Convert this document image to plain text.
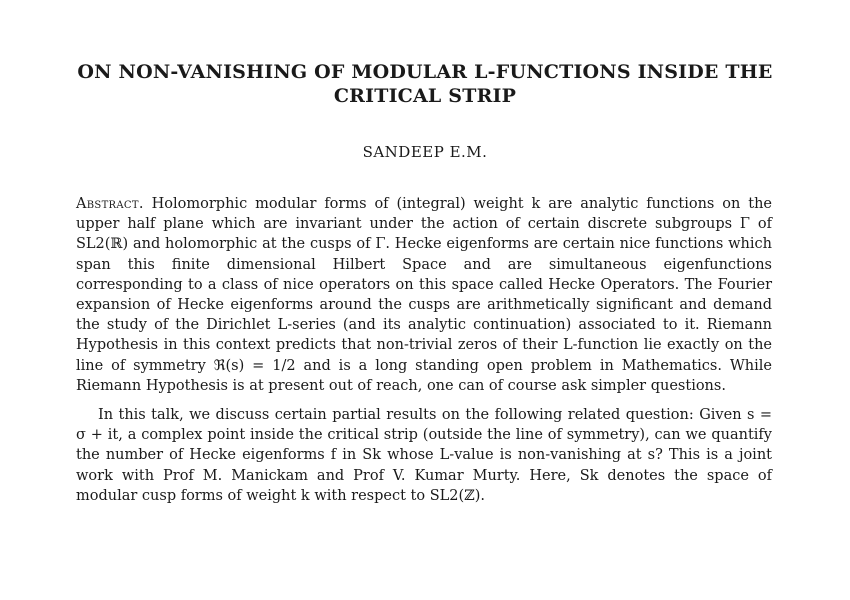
ON NON-VANISHING OF MODULAR L-FUNCTIONS INSIDE THE
CRITICAL STRIP
SANDEEP E.M.

Abstract. Holomorphic modular forms of (integral) weight k are analytic functions on the upper half plane which are invariant under the action of certain discrete subgroups Γ of SL2(ℝ) and holomorphic at the cusps of Γ. Hecke eigenforms are certain nice functions which span this finite dimensional Hilbert Space and are simultaneous eigenfunctions corresponding to a class of nice operators on this space called Hecke Operators. The Fourier expansion of Hecke eigenforms around the cusps are arithmetically significant and demand the study of the Dirichlet L-series (and its analytic continuation) associated to it. Riemann Hypothesis in this context predicts that non-trivial zeros of their L-function lie exactly on the line of symmetry ℜ(s) = 1/2 and is a long standing open problem in Mathematics. While Riemann Hypothesis is at present out of reach, one can of course ask simpler questions.

In this talk, we discuss certain partial results on the following related question: Given s = σ + it, a complex point inside the critical strip (outside the line of symmetry), can we quantify the number of Hecke eigenforms f in Sk whose L-value is non-vanishing at s? This is a joint work with Prof M. Manickam and Prof V. Kumar Murty. Here, Sk denotes the space of modular cusp forms of weight k with respect to SL2(ℤ).
